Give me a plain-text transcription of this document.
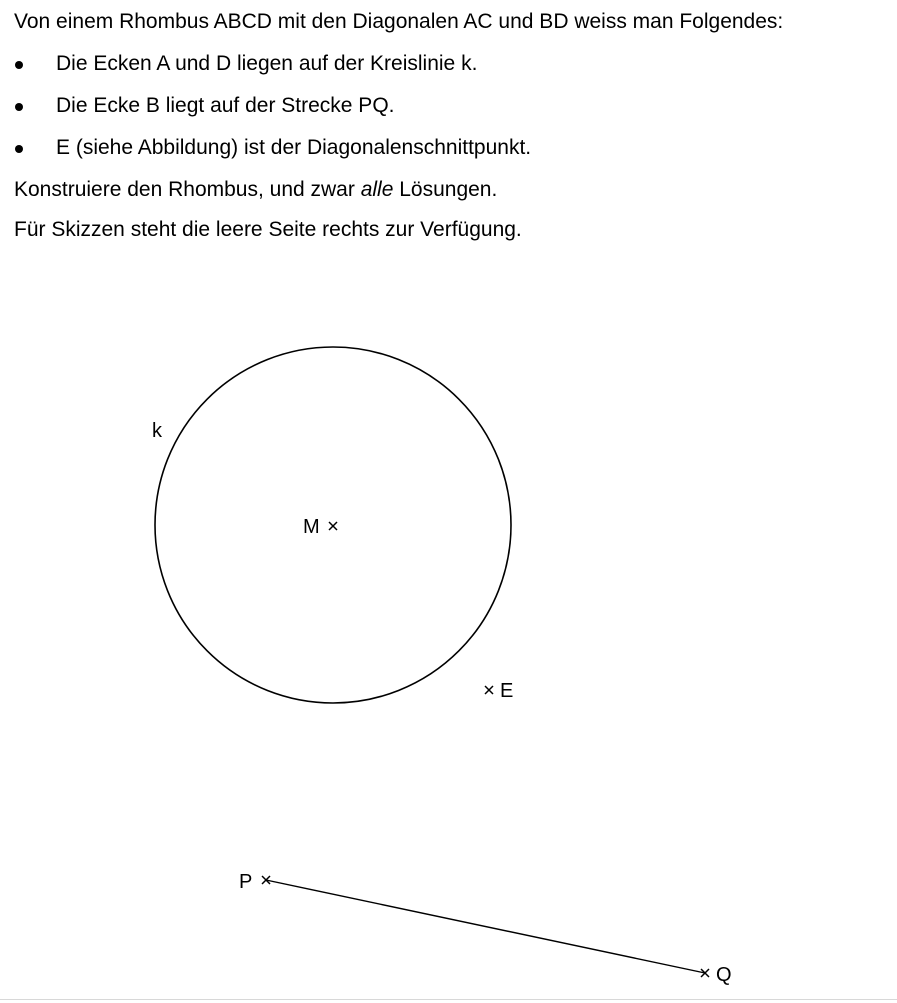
Von einem Rhombus ABCD mit den Diagonalen AC und BD weiss man Folgendes:

Die Ecken A und D liegen auf der Kreislinie k.
Die Ecke B liegt auf der Strecke PQ.
E (siehe Abbildung) ist der Diagonalenschnittpunkt.

Konstruiere den Rhombus, und zwar alle Lösungen.

Für Skizzen steht die leere Seite rechts zur Verfügung.

k
M
E
P
Q
